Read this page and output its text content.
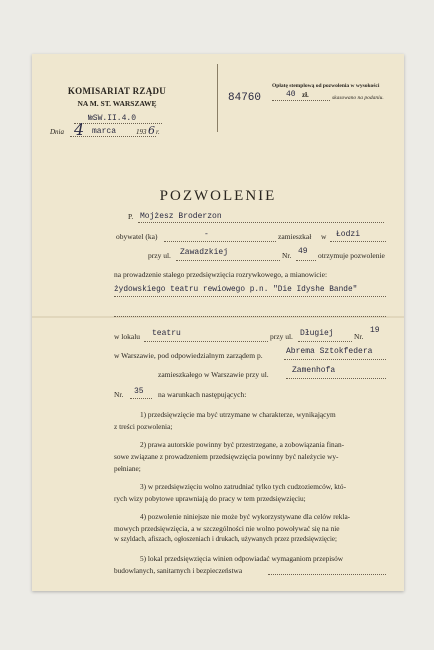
KOMISARIAT RZĄDU
NA M. ST. WARSZAWĘ
№SW.II.4.0
Dnia 4 marca	193 6 r.
84760
Opłatę stemplową od pozwolenia w wysokości
40 zł.	skasowano na podaniu.
POZWOLENIE
P. Mojżesz Broderzon
obywatel (ka)	-	zamieszkał w Łodzi
przy ul. Zawadzkiej	Nr. 49 otrzymuje pozwolenie
na prowadzenie stałego przedsięwzięcia rozrywkowego, a mianowicie:
żydowskiego teatru rewiowego p.n. "Die Idyshe Bande"
w lokalu teatru	przy ul. Długiej	Nr.
19
w Warszawie, pod odpowiedzialnym zarządem p.	Abrema Sztokfedera
zamieszkałego w Warszawie przy ul.	Zamenhofa
Nr. 35 na warunkach następujących:
1) przedsięwzięcie ma być utrzymane w charakterze, wynikającym
z treści pozwolenia;
2) prawa autorskie powinny być przestrzegane, a zobowiązania finan-
sowe związane z prowadzeniem przedsięwzięcia powinny być należycie wy-
pełniane;
3) w przedsięwzięciu wolno zatrudniać tylko tych cudzoziemców, któ-
rych wizy pobytowe uprawniają do pracy w tem przedsięwzięciu;
4) pozwolenie niniejsze nie może być wykorzystywane dla celów rekla-
mowych przedsięwzięcia, a w szczególności nie wolno powoływać się na nie
w szyldach, afiszach, ogłoszeniach i drukach, używanych przez przedsięwzięcie;
5) lokal przedsięwzięcia winien odpowiadać wymaganiom przepisów
budowlanych, sanitarnych i bezpieczeństwa
